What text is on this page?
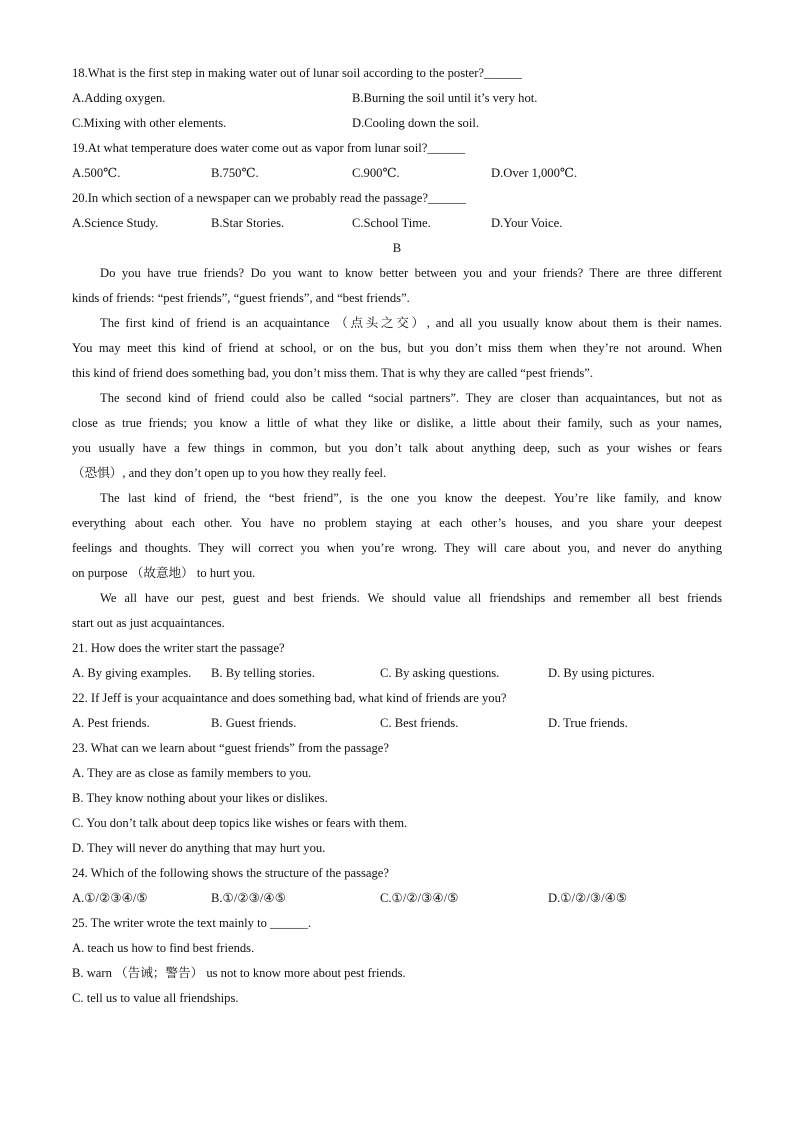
18.What is the first step in making water out of lunar soil according to the poster?______
A.Adding oxygen.	B.Burning the soil until it’s very hot.
C.Mixing with other elements.	D.Cooling down the soil.
19.At what temperature does water come out as vapor from lunar soil?______
A.500℃.	B.750℃.	C.900℃.	D.Over 1,000℃.
20.In which section of a newspaper can we probably read the passage?______
A.Science Study.	B.Star Stories.	C.School Time.	D.Your Voice.
B
Do you have true friends? Do you want to know better between you and your friends? There are three different
kinds of friends: “pest friends”, “guest friends”, and “best friends”.
The first kind of friend is an acquaintance （点头之交）, and all you usually know about them is their names.
You may meet this kind of friend at school, or on the bus, but you don’t miss them when they’re not around. When
this kind of friend does something bad, you don’t miss them. That is why they are called “pest friends”.
The second kind of friend could also be called “social partners”. They are closer than acquaintances, but not as
close as true friends; you know a little of what they like or dislike, a little about their family, such as your names,
you usually have a few things in common, but you don’t talk about anything deep, such as your wishes or fears
（恐惧）, and they don’t open up to you how they really feel.
The last kind of friend, the “best friend”, is the one you know the deepest. You’re like family, and know
everything about each other. You have no problem staying at each other’s houses, and you share your deepest
feelings and thoughts. They will correct you when you’re wrong. They will care about you, and never do anything
on purpose （故意地） to hurt you.
We all have our pest, guest and best friends. We should value all friendships and remember all best friends
start out as just acquaintances.
21. How does the writer start the passage?
A. By giving examples. B. By telling stories.	C. By asking questions.	D. By using pictures.
22. If Jeff is your acquaintance and does something bad, what kind of friends are you?
A. Pest friends.	B. Guest friends.	C. Best friends.	D. True friends.
23. What can we learn about “guest friends” from the passage?
A. They are as close as family members to you.
B. They know nothing about your likes or dislikes.
C. You don’t talk about deep topics like wishes or fears with them.
D. They will never do anything that may hurt you.
24. Which of the following shows the structure of the passage?
A.①/②③④/⑤	B.①/②③/④⑤	C.①/②/③④/⑤	D.①/②/③/④⑤
25. The writer wrote the text mainly to ______.
A. teach us how to find best friends.
B. warn （告诫；警告） us not to know more about pest friends.
C. tell us to value all friendships.
